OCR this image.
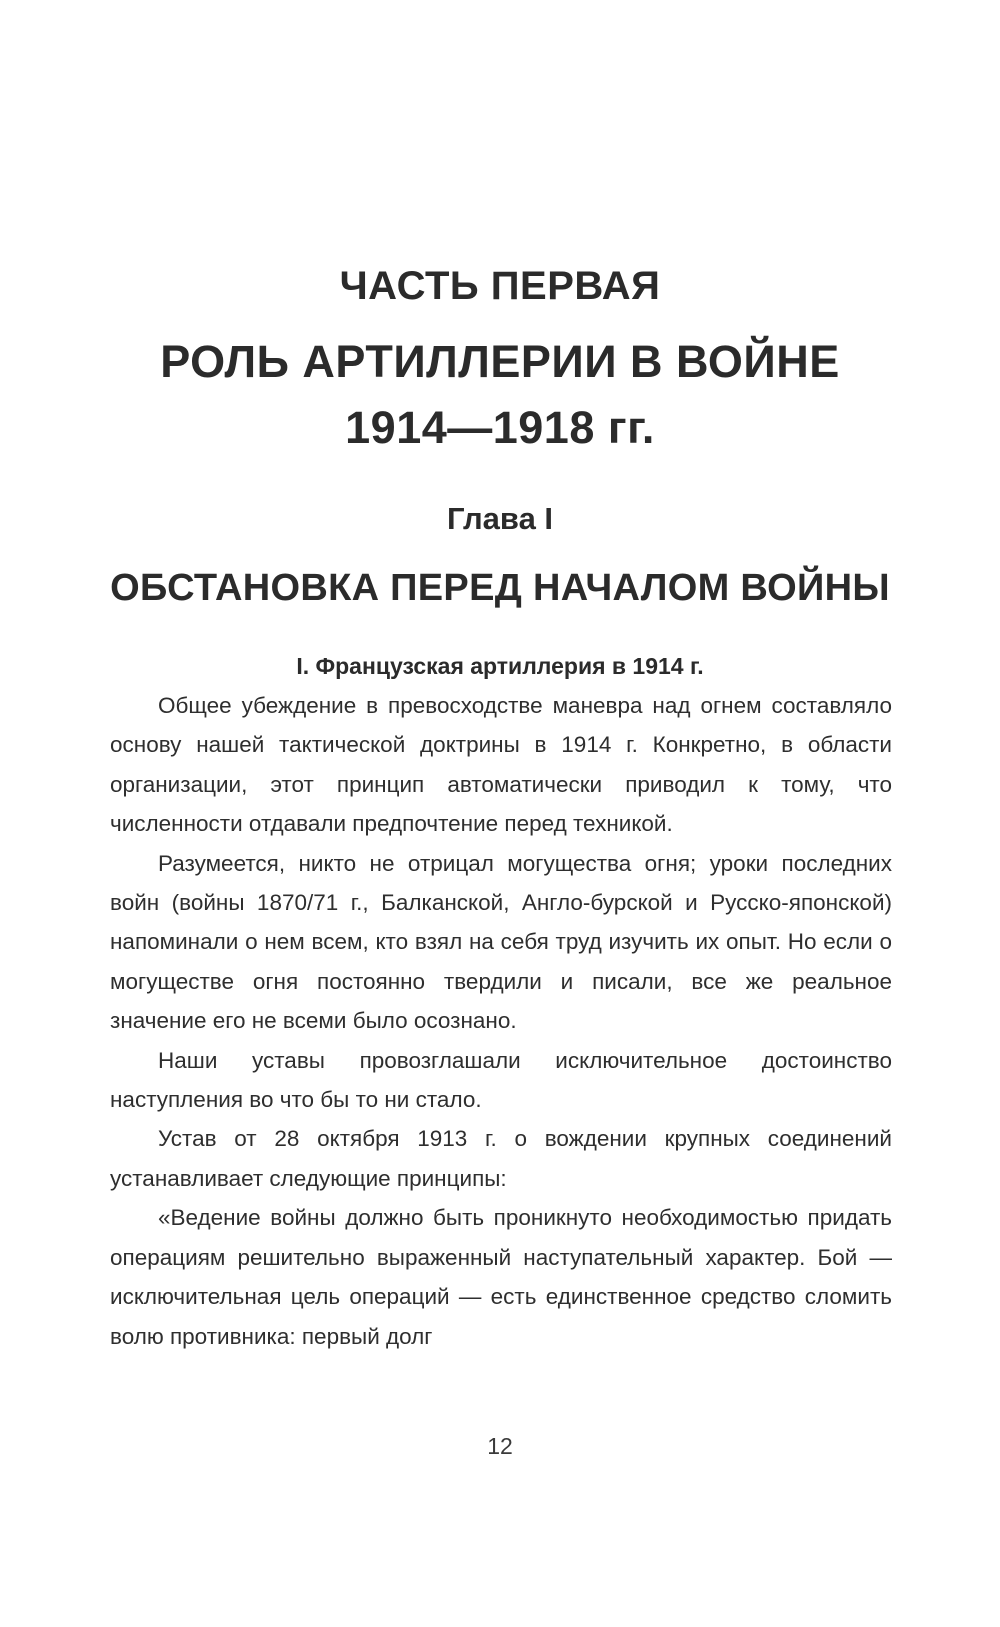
ЧАСТЬ ПЕРВАЯ
РОЛЬ АРТИЛЛЕРИИ В ВОЙНЕ
1914—1918 гг.
Глава I
ОБСТАНОВКА ПЕРЕД НАЧАЛОМ ВОЙНЫ
I. Французская артиллерия в 1914 г.

Общее убеждение в превосходстве маневра над огнем составляло основу нашей тактической доктрины в 1914 г. Конкретно, в области организации, этот принцип автоматически приводил к тому, что численности отдавали предпочтение перед техникой.

Разумеется, никто не отрицал могущества огня; уроки последних войн (войны 1870/71 г., Балканской, Англо-бурской и Русско-японской) напоминали о нем всем, кто взял на себя труд изучить их опыт. Но если о могуществе огня постоянно твердили и писали, все же реальное значение его не всеми было осознано.

Наши уставы провозглашали исключительное достоинство наступления во что бы то ни стало.

Устав от 28 октября 1913 г. о вождении крупных соединений устанавливает следующие принципы:

«Ведение войны должно быть проникнуто необходимостью придать операциям решительно выраженный наступательный характер. Бой — исключительная цель операций — есть единственное средство сломить волю противника: первый долг

12
